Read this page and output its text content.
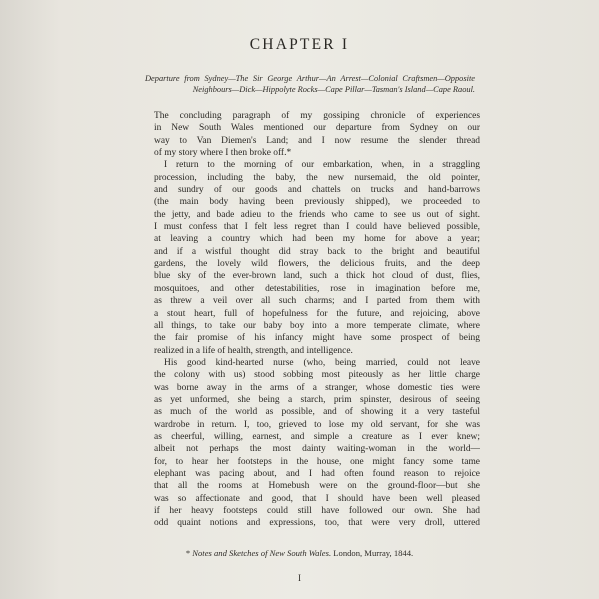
CHAPTER I
Departure from Sydney—The Sir George Arthur—An Arrest—Colonial Craftsmen—Opposite
Neighbours—Dick—Hippolyte Rocks—Cape Pillar—Tasman's Island—Cape Raoul.
The concluding paragraph of my gossiping chronicle of experiences
in New South Wales mentioned our departure from Sydney on our
way to Van Diemen's Land; and I now resume the slender thread
of my story where I then broke off.*
I return to the morning of our embarkation, when, in a straggling
procession, including the baby, the new nursemaid, the old pointer,
and sundry of our goods and chattels on trucks and hand-barrows
(the main body having been previously shipped), we proceeded to
the jetty, and bade adieu to the friends who came to see us out of sight.
I must confess that I felt less regret than I could have believed possible,
at leaving a country which had been my home for above a year;
and if a wistful thought did stray back to the bright and beautiful
gardens, the lovely wild flowers, the delicious fruits, and the deep
blue sky of the ever-brown land, such a thick hot cloud of dust, flies,
mosquitoes, and other detestabilities, rose in imagination before me,
as threw a veil over all such charms; and I parted from them with
a stout heart, full of hopefulness for the future, and rejoicing, above
all things, to take our baby boy into a more temperate climate, where
the fair promise of his infancy might have some prospect of being
realized in a life of health, strength, and intelligence.
His good kind-hearted nurse (who, being married, could not leave
the colony with us) stood sobbing most piteously as her little charge
was borne away in the arms of a stranger, whose domestic ties were
as yet unformed, she being a starch, prim spinster, desirous of seeing
as much of the world as possible, and of showing it a very tasteful
wardrobe in return. I, too, grieved to lose my old servant, for she was
as cheerful, willing, earnest, and simple a creature as I ever knew;
albeit not perhaps the most dainty waiting-woman in the world—
for, to hear her footsteps in the house, one might fancy some tame
elephant was pacing about, and I had often found reason to rejoice
that all the rooms at Homebush were on the ground-floor—but she
was so affectionate and good, that I should have been well pleased
if her heavy footsteps could still have followed our own. She had
odd quaint notions and expressions, too, that were very droll, uttered
* Notes and Sketches of New South Wales. London, Murray, 1844.
I
